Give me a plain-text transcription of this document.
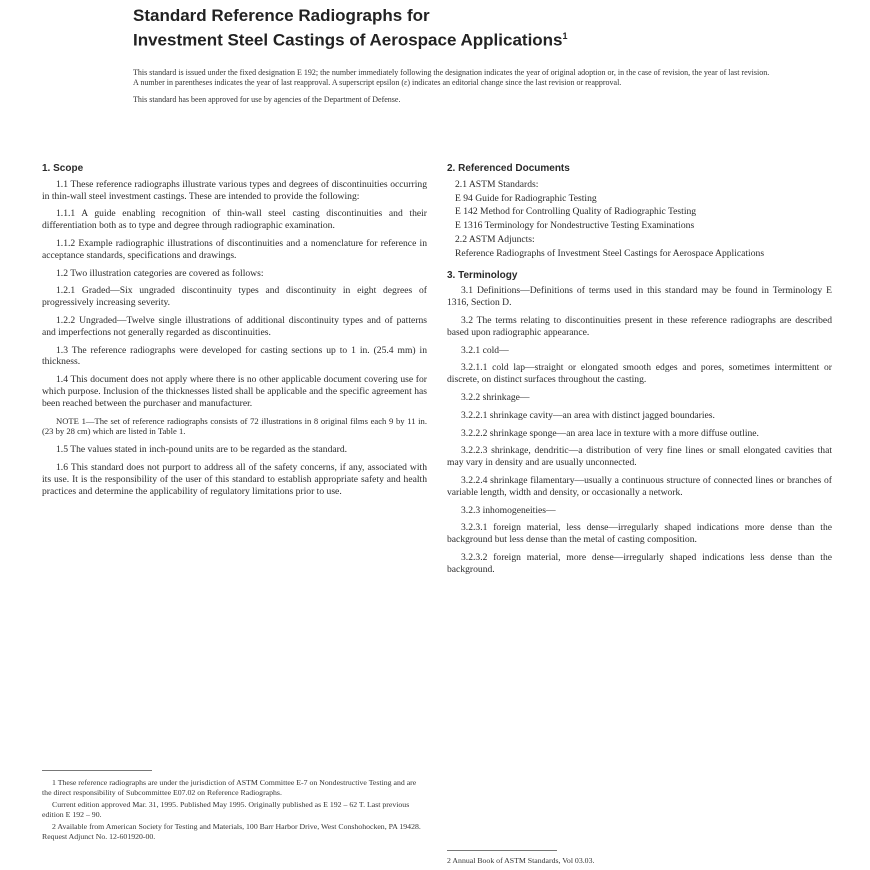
Standard Reference Radiographs for
Investment Steel Castings of Aerospace Applications$^1$

This standard is issued under the fixed designation E 192; the number immediately following the designation indicates the year of original adoption or, in the case of revision, the year of last revision. A number in parentheses indicates the year of last reapproval. A superscript epsilon (ε) indicates an editorial change since the last revision or reapproval.

This standard has been approved for use by agencies of the Department of Defense.

1. Scope

1.1 These reference radiographs illustrate various types and degrees of discontinuities occurring in thin-wall steel investment castings. These are intended to provide the following:

1.1.1 A guide enabling recognition of thin-wall steel casting discontinuities and their differentiation both as to type and degree through radiographic examination.

1.1.2 Example radiographic illustrations of discontinuities and a nomenclature for reference in acceptance standards, specifications and drawings.

1.2 Two illustration categories are covered as follows:

1.2.1 Graded—Six ungraded discontinuity types and discontinuity in eight degrees of progressively increasing severity.

1.2.2 Ungraded—Twelve single illustrations of additional discontinuity types and of patterns and imperfections not generally regarded as discontinuities.

1.3 The reference radiographs were developed for casting sections up to 1 in. (25.4 mm) in thickness.

1.4 This document does not apply where there is no other applicable document covering use for which purpose. Inclusion of the thicknesses listed shall be applicable and the specific agreement has been reached between the purchaser and manufacturer.

NOTE 1—The set of reference radiographs consists of 72 illustrations in 8 original films each 9 by 11 in. (23 by 28 cm) which are listed in Table 1.

1.5 The values stated in inch-pound units are to be regarded as the standard.

1.6 This standard does not purport to address all of the safety concerns, if any, associated with its use. It is the responsibility of the user of this standard to establish appropriate safety and health practices and determine the applicability of regulatory limitations prior to use.

2. Referenced Documents

2.1 ASTM Standards:

E 94 Guide for Radiographic Testing

E 142 Method for Controlling Quality of Radiographic Testing

E 1316 Terminology for Nondestructive Testing Examinations

2.2 ASTM Adjuncts:

Reference Radiographs of Investment Steel Castings for Aerospace Applications

3. Terminology

3.1 Definitions—Definitions of terms used in this standard may be found in Terminology E 1316, Section D.

3.2 The terms relating to discontinuities present in these reference radiographs are described based upon radiographic appearance.

3.2.1 cold—

3.2.1.1 cold lap—straight or elongated smooth edges and pores, sometimes intermittent or discrete, on distinct surfaces throughout the casting.

3.2.2 shrinkage—

3.2.2.1 shrinkage cavity—an area with distinct jagged boundaries.

3.2.2.2 shrinkage sponge—an area lace in texture with a more diffuse outline.

3.2.2.3 shrinkage, dendritic—a distribution of very fine lines or small elongated cavities that may vary in density and are usually unconnected.

3.2.2.4 shrinkage filamentary—usually a continuous structure of connected lines or branches of variable length, width and density, or occasionally a network.

3.2.3 inhomogeneities—

3.2.3.1 foreign material, less dense—irregularly shaped indications more dense than the background but less dense than the metal of casting composition.

3.2.3.2 foreign material, more dense—irregularly shaped indications less dense than the background.

1 These reference radiographs are under the jurisdiction of ASTM Committee E-7 on Nondestructive Testing and are the direct responsibility of Subcommittee E07.02 on Reference Radiographs.

Current edition approved Mar. 31, 1995. Published May 1995. Originally published as E 192 – 62 T. Last previous edition E 192 – 90.

2 Available from American Society for Testing and Materials, 100 Barr Harbor Drive, West Conshohocken, PA 19428. Request Adjunct No. 12-601920-00.

2 Annual Book of ASTM Standards, Vol 03.03.
